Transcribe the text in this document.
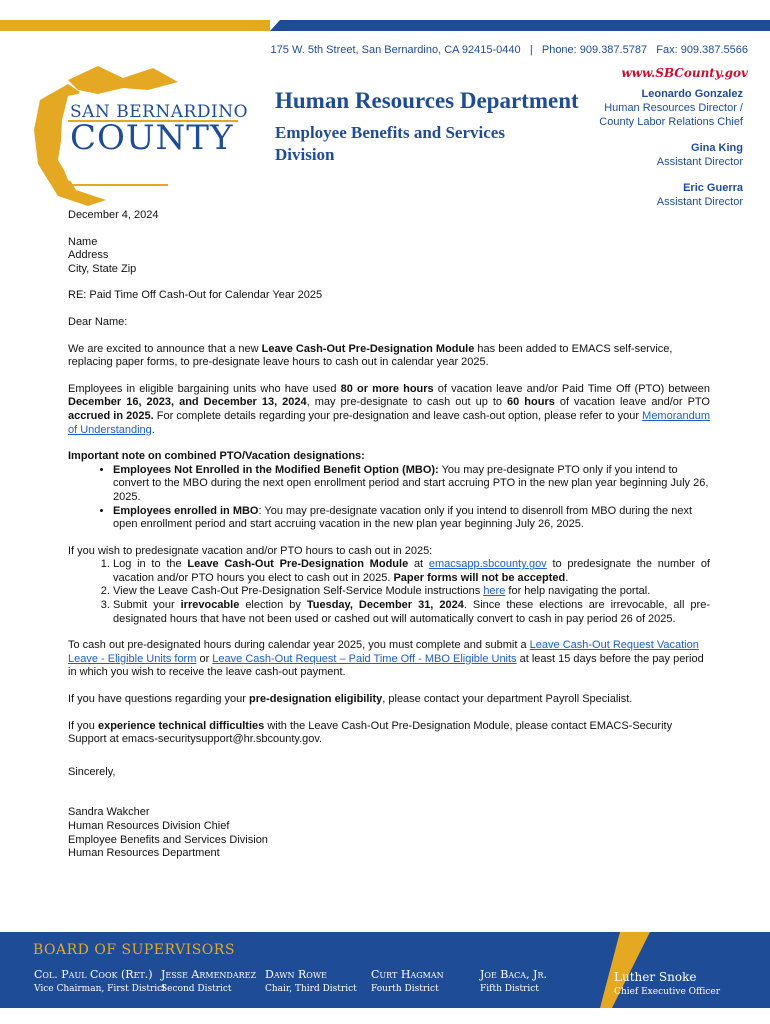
175 W. 5th Street, San Bernardino, CA 92415-0440 | Phone: 909.387.5787 Fax: 909.387.5566
www.SBCounty.gov
SAN BERNARDINO
COUNTY
Human Resources Department
Employee Benefits and Services
Division
Leonardo Gonzalez
Human Resources Director /
County Labor Relations Chief
Gina King
Assistant Director
Eric Guerra
Assistant Director

December 4, 2024

Name
Address
City, State Zip

RE: Paid Time Off Cash-Out for Calendar Year 2025

Dear Name:

We are excited to announce that a new Leave Cash-Out Pre-Designation Module has been added to EMACS self-service, replacing paper forms, to pre-designate leave hours to cash out in calendar year 2025.

Employees in eligible bargaining units who have used 80 or more hours of vacation leave and/or Paid Time Off (PTO) between December 16, 2023, and December 13, 2024, may pre-designate to cash out up to 60 hours of vacation leave and/or PTO accrued in 2025. For complete details regarding your pre-designation and leave cash-out option, please refer to your Memorandum of Understanding.

Important note on combined PTO/Vacation designations:
• Employees Not Enrolled in the Modified Benefit Option (MBO): You may pre-designate PTO only if you intend to convert to the MBO during the next open enrollment period and start accruing PTO in the new plan year beginning July 26, 2025.
• Employees enrolled in MBO: You may pre-designate vacation only if you intend to disenroll from MBO during the next open enrollment period and start accruing vacation in the new plan year beginning July 26, 2025.
If you wish to predesignate vacation and/or PTO hours to cash out in 2025:
1. Log in to the Leave Cash-Out Pre-Designation Module at emacsapp.sbcounty.gov to predesignate the number of vacation and/or PTO hours you elect to cash out in 2025. Paper forms will not be accepted.
2. View the Leave Cash-Out Pre-Designation Self-Service Module instructions here for help navigating the portal.
3. Submit your irrevocable election by Tuesday, December 31, 2024. Since these elections are irrevocable, all pre-designated hours that have not been used or cashed out will automatically convert to cash in pay period 26 of 2025.

To cash out pre-designated hours during calendar year 2025, you must complete and submit a Leave Cash-Out Request Vacation Leave - Eligible Units form or Leave Cash-Out Request – Paid Time Off - MBO Eligible Units at least 15 days before the pay period in which you wish to receive the leave cash-out payment.

If you have questions regarding your pre-designation eligibility, please contact your department Payroll Specialist.

If you experience technical difficulties with the Leave Cash-Out Pre-Designation Module, please contact EMACS-Security Support at emacs-securitysupport@hr.sbcounty.gov.

Sincerely,

Sandra Wakcher
Human Resources Division Chief
Employee Benefits and Services Division
Human Resources Department
BOARD OF SUPERVISORS
Col. Paul Cook (Ret.)
Vice Chairman, First District
Jesse Armendarez
Second District
Dawn Rowe
Chair, Third District
Curt Hagman
Fourth District
Joe Baca, Jr.
Fifth District
Luther Snoke
Chief Executive Officer
